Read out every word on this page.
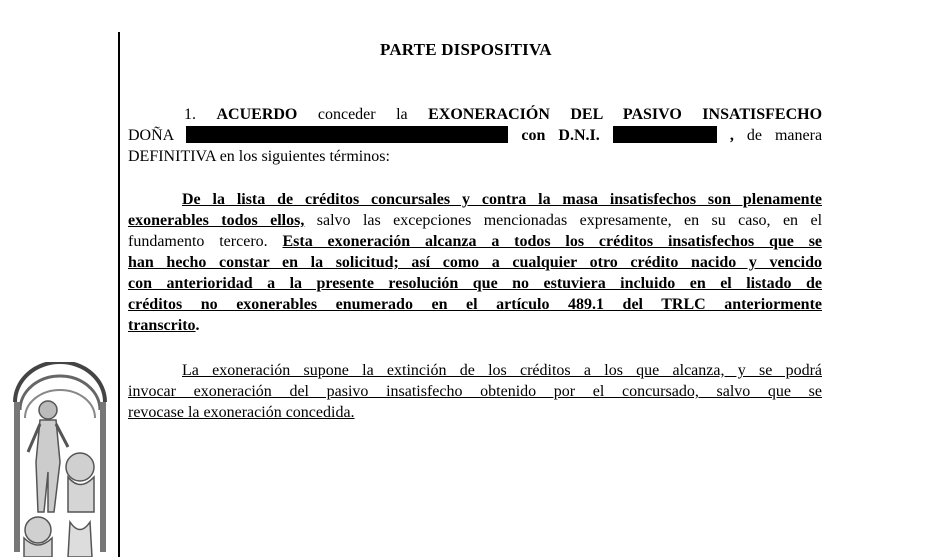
PARTE DISPOSITIVA
1. ACUERDO conceder la EXONERACIÓN DEL PASIVO INSATISFECHO
DOÑA	con D.N.I.	, de manera
DEFINITIVA en los siguientes términos:
De la lista de créditos concursales y contra la masa insatisfechos son plenamente
exonerables todos ellos, salvo las excepciones mencionadas expresamente, en su caso, en el
fundamento tercero. Esta exoneración alcanza a todos los créditos insatisfechos que se
han hecho constar en la solicitud; así como a cualquier otro crédito nacido y vencido
con anterioridad a la presente resolución que no estuviera incluido en el listado de
créditos no exonerables enumerado en el artículo 489.1 del TRLC anteriormente
transcrito.
La exoneración supone la extinción de los créditos a los que alcanza, y se podrá
invocar exoneración del pasivo insatisfecho obtenido por el concursado, salvo que se
revocase la exoneración concedida.
